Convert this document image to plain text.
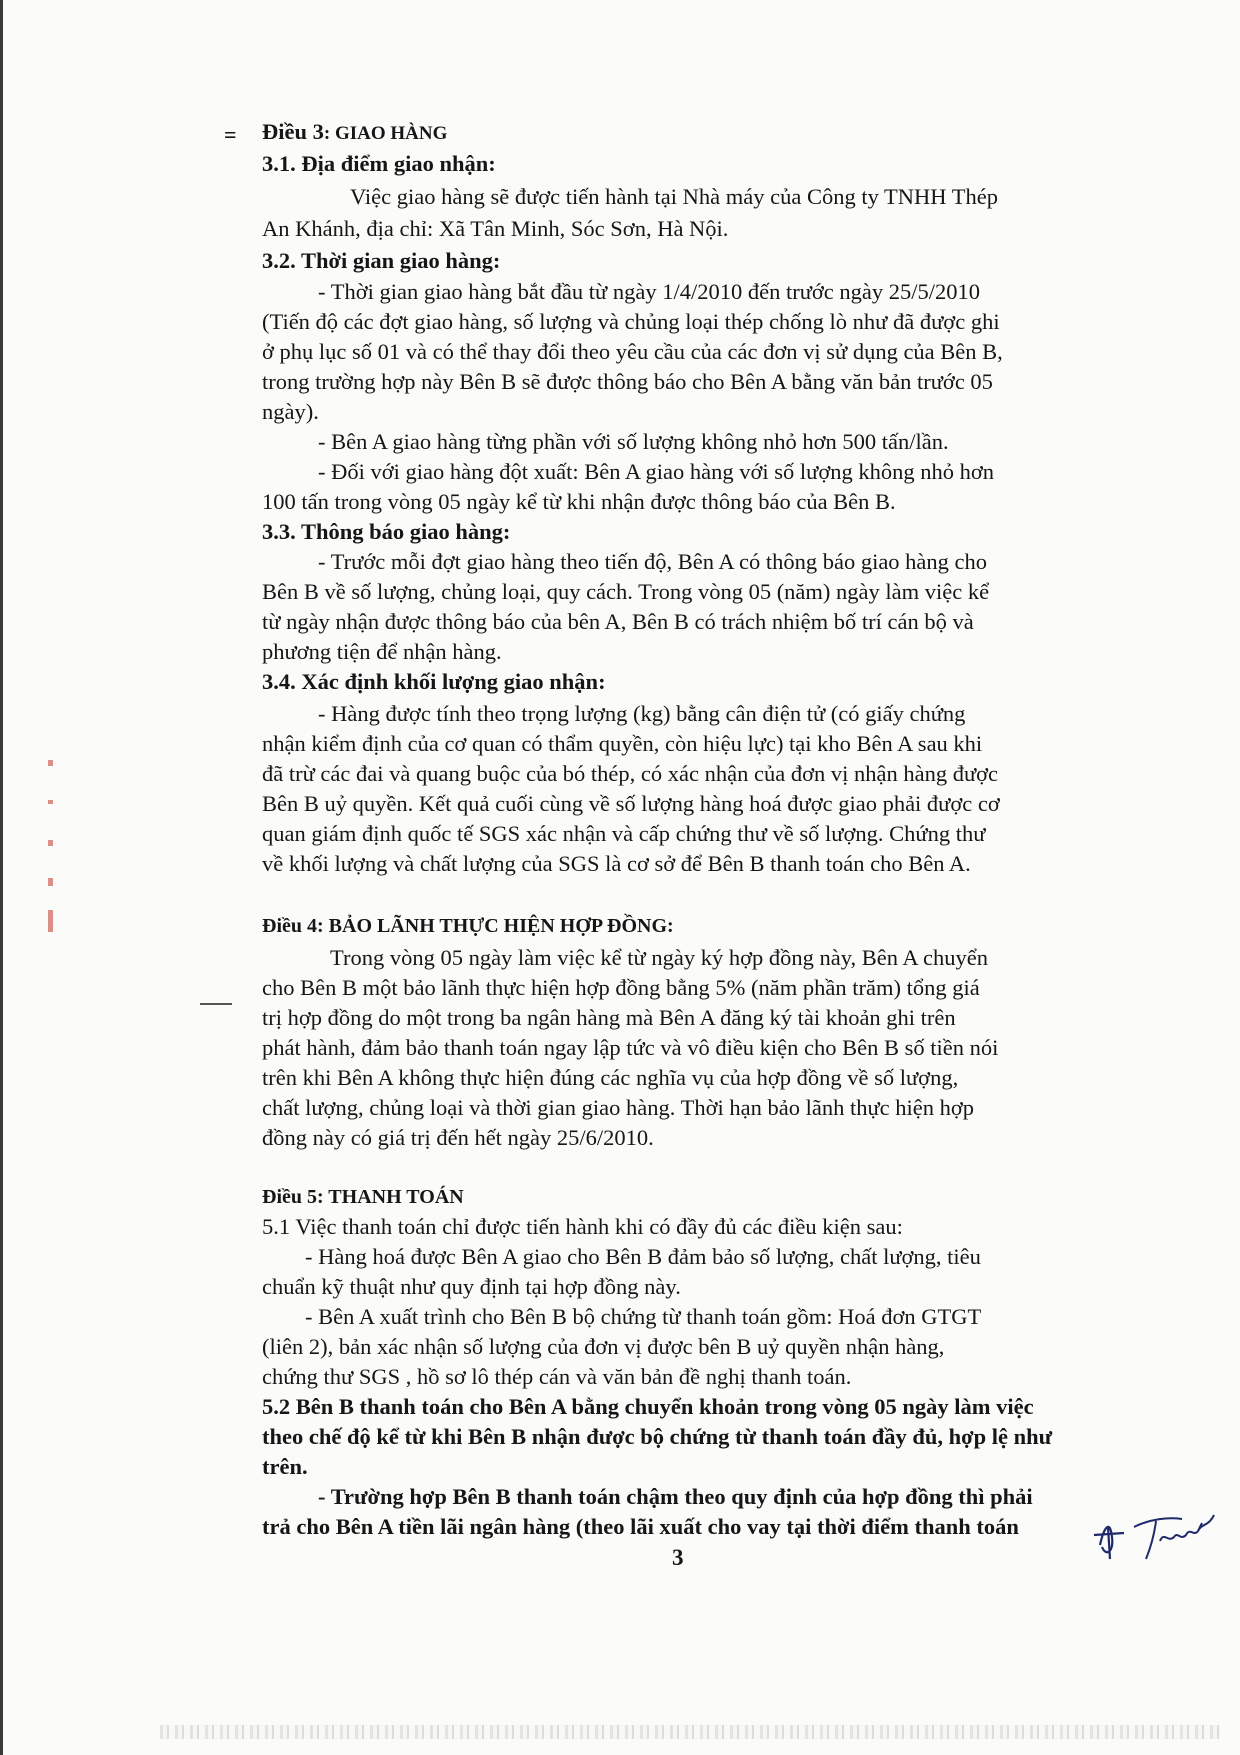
= Điều 3: GIAO HÀNG
3.1. Địa điểm giao nhận:
Việc giao hàng sẽ được tiến hành tại Nhà máy của Công ty TNHH Thép
An Khánh, địa chỉ: Xã Tân Minh, Sóc Sơn, Hà Nội.
3.2. Thời gian giao hàng:
- Thời gian giao hàng bắt đầu từ ngày 1/4/2010 đến trước ngày 25/5/2010
(Tiến độ các đợt giao hàng, số lượng và chủng loại thép chống lò như đã được ghi
ở phụ lục số 01 và có thể thay đổi theo yêu cầu của các đơn vị sử dụng của Bên B,
trong trường hợp này Bên B sẽ được thông báo cho Bên A bằng văn bản trước 05
ngày).
- Bên A giao hàng từng phần với số lượng không nhỏ hơn 500 tấn/lần.
- Đối với giao hàng đột xuất: Bên A giao hàng với số lượng không nhỏ hơn
100 tấn trong vòng 05 ngày kể từ khi nhận được thông báo của Bên B.
3.3. Thông báo giao hàng:
- Trước mỗi đợt giao hàng theo tiến độ, Bên A có thông báo giao hàng cho
Bên B về số lượng, chủng loại, quy cách. Trong vòng 05 (năm) ngày làm việc kể
từ ngày nhận được thông báo của bên A, Bên B có trách nhiệm bố trí cán bộ và
phương tiện để nhận hàng.
3.4. Xác định khối lượng giao nhận:
- Hàng được tính theo trọng lượng (kg) bằng cân điện tử (có giấy chứng
nhận kiểm định của cơ quan có thẩm quyền, còn hiệu lực) tại kho Bên A sau khi
đã trừ các đai và quang buộc của bó thép, có xác nhận của đơn vị nhận hàng được
Bên B uỷ quyền. Kết quả cuối cùng về số lượng hàng hoá được giao phải được cơ
quan giám định quốc tế SGS xác nhận và cấp chứng thư về số lượng. Chứng thư
về khối lượng và chất lượng của SGS là cơ sở để Bên B thanh toán cho Bên A.
Điều 4: BẢO LÃNH THỰC HIỆN HỢP ĐỒNG:
Trong vòng 05 ngày làm việc kể từ ngày ký hợp đồng này, Bên A chuyển
cho Bên B một bảo lãnh thực hiện hợp đồng bằng 5% (năm phần trăm) tổng giá
trị hợp đồng do một trong ba ngân hàng mà Bên A đăng ký tài khoản ghi trên
phát hành, đảm bảo thanh toán ngay lập tức và vô điều kiện cho Bên B số tiền nói
trên khi Bên A không thực hiện đúng các nghĩa vụ của hợp đồng về số lượng,
chất lượng, chủng loại và thời gian giao hàng. Thời hạn bảo lãnh thực hiện hợp
đồng này có giá trị đến hết ngày 25/6/2010.
Điều 5: THANH TOÁN
5.1 Việc thanh toán chỉ được tiến hành khi có đầy đủ các điều kiện sau:
- Hàng hoá được Bên A giao cho Bên B đảm bảo số lượng, chất lượng, tiêu
chuẩn kỹ thuật như quy định tại hợp đồng này.
- Bên A xuất trình cho Bên B bộ chứng từ thanh toán gồm: Hoá đơn GTGT
(liên 2), bản xác nhận số lượng của đơn vị được bên B uỷ quyền nhận hàng,
chứng thư SGS , hồ sơ lô thép cán và văn bản đề nghị thanh toán.
5.2 Bên B thanh toán cho Bên A bằng chuyển khoản trong vòng 05 ngày làm việc
theo chế độ kể từ khi Bên B nhận được bộ chứng từ thanh toán đầy đủ, hợp lệ như
trên.
- Trường hợp Bên B thanh toán chậm theo quy định của hợp đồng thì phải
trả cho Bên A tiền lãi ngân hàng (theo lãi xuất cho vay tại thời điểm thanh toán
3
Tuyết
